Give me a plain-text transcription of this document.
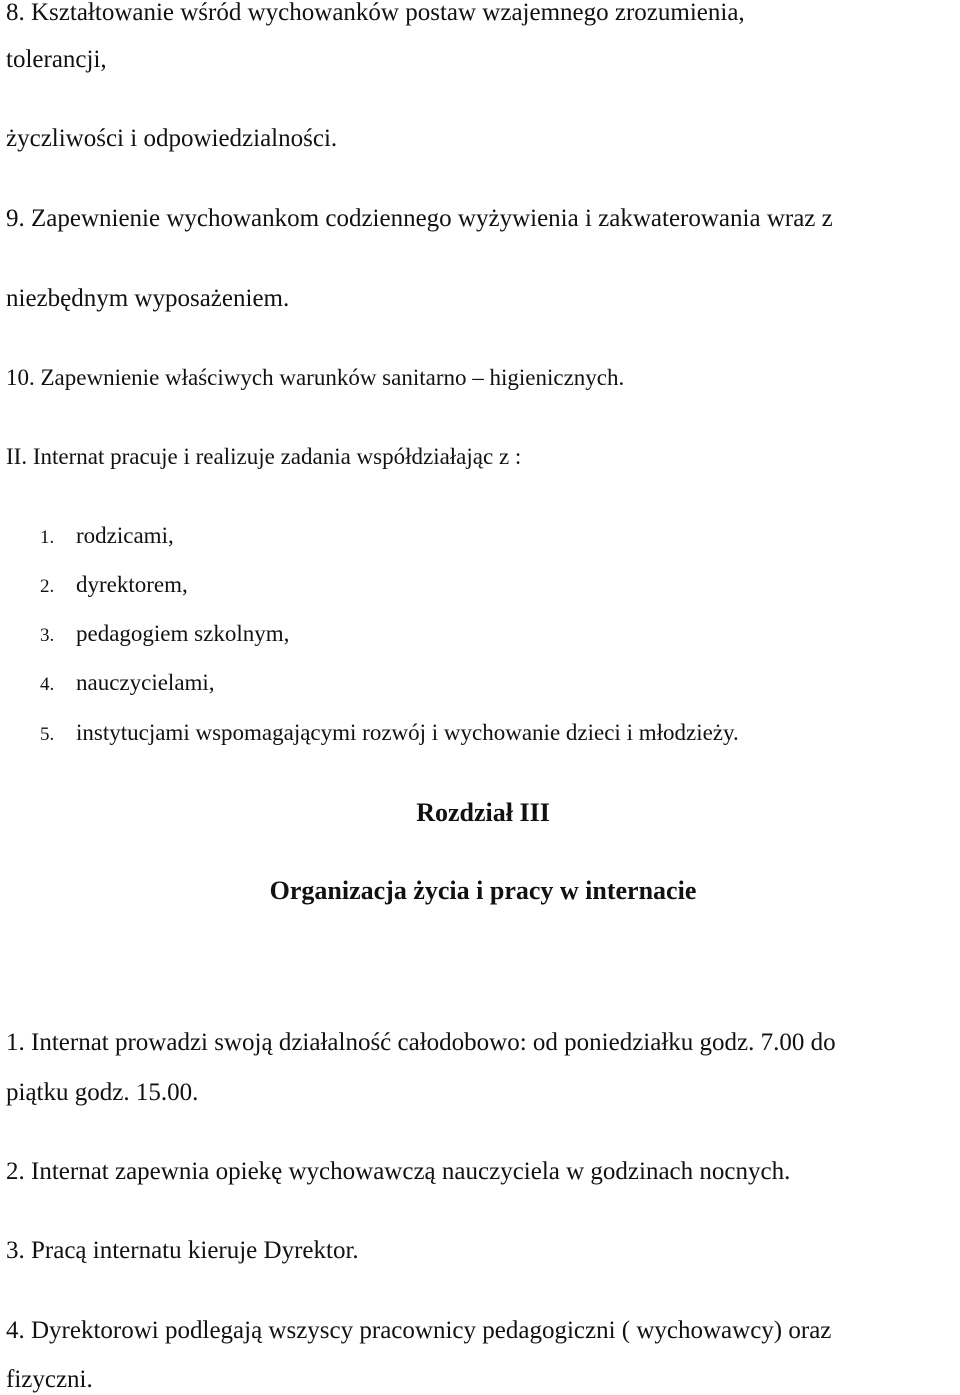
8. Kształtowanie wśród wychowanków postaw wzajemnego zrozumienia,
tolerancji,
życzliwości i odpowiedzialności.
9. Zapewnienie wychowankom codziennego wyżywienia i zakwaterowania wraz z
niezbędnym wyposażeniem.
10. Zapewnienie właściwych warunków sanitarno – higienicznych.
II. Internat pracuje i realizuje zadania współdziałając z :
1. rodzicami,
2. dyrektorem,
3. pedagogiem szkolnym,
4. nauczycielami,
5. instytucjami wspomagającymi rozwój i wychowanie dzieci i młodzieży.
Rozdział III
Organizacja życia i pracy w internacie
1. Internat prowadzi swoją działalność całodobowo: od poniedziałku godz. 7.00 do
piątku godz. 15.00.
2. Internat zapewnia opiekę wychowawczą nauczyciela w godzinach nocnych.
3. Pracą internatu kieruje Dyrektor.
4. Dyrektorowi podlegają wszyscy pracownicy pedagogiczni ( wychowawcy) oraz
fizyczni.
